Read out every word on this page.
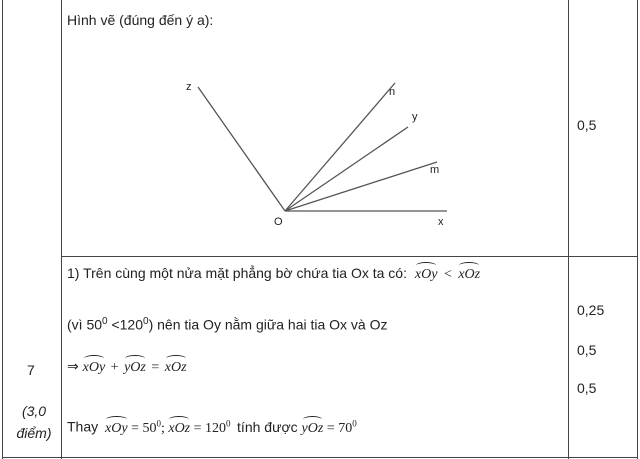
7
(3,0 điểm)
Hình vẽ (đúng đến ý a):
z	n
y
m
O	x
0,5
1) Trên cùng một nửa mặt phẳng bờ chứa tia Ox ta có: xOy < xOz
(vì $50^0 <120^0$) nên tia Oy nằm giữa hai tia Ox và Oz
⇒ xOy + yOz = xOz
Thay xOy = $50^0$; xOz = $120^0$ tính được yOz = $70^0$
0,25
0,5
0,5
